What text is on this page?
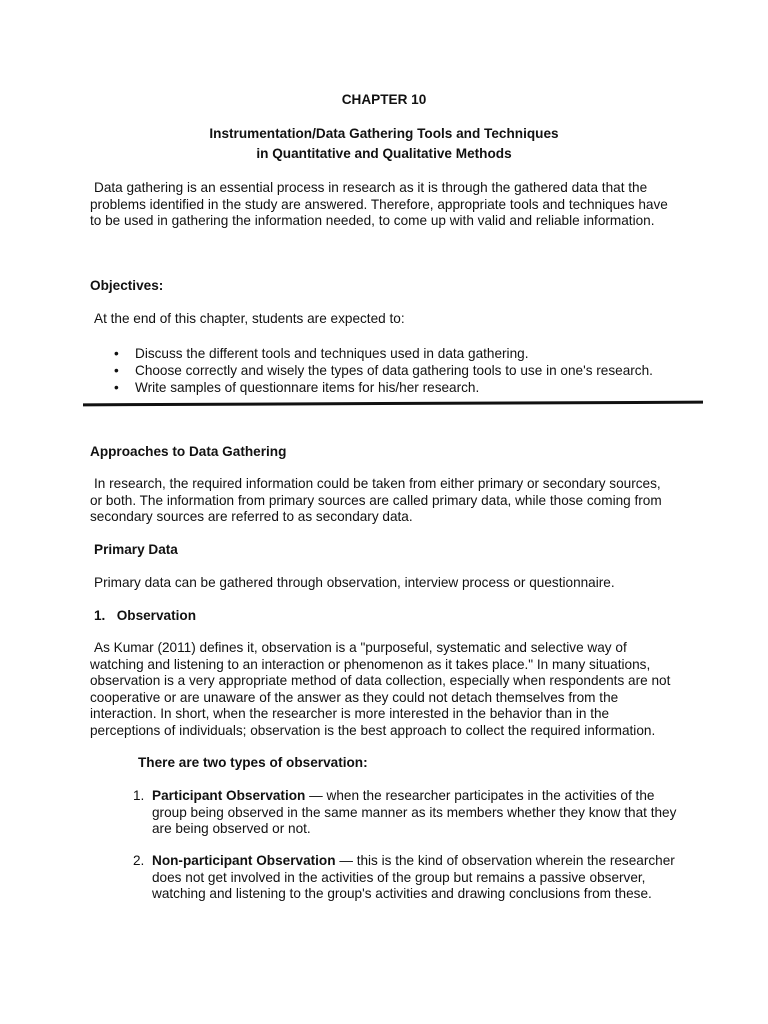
CHAPTER 10

Instrumentation/Data Gathering Tools and Techniques

in Quantitative and Qualitative Methods

Data gathering is an essential process in research as it is through the gathered data that the
problems identified in the study are answered. Therefore, appropriate tools and techniques have
to be used in gathering the information needed, to come up with valid and reliable information.

Objectives:

At the end of this chapter, students are expected to:

• Discuss the different tools and techniques used in data gathering.
• Choose correctly and wisely the types of data gathering tools to use in one's research.
• Write samples of questionnare items for his/her research.

Approaches to Data Gathering

In research, the required information could be taken from either primary or secondary sources,
or both. The information from primary sources are called primary data, while those coming from
secondary sources are referred to as secondary data.

Primary Data

Primary data can be gathered through observation, interview process or questionnaire.

1. Observation

As Kumar (2011) defines it, observation is a "purposeful, systematic and selective way of
watching and listening to an interaction or phenomenon as it takes place." In many situations,
observation is a very appropriate method of data collection, especially when respondents are not
cooperative or are unaware of the answer as they could not detach themselves from the
interaction. In short, when the researcher is more interested in the behavior than in the
perceptions of individuals; observation is the best approach to collect the required information.

There are two types of observation:

1. Participant Observation — when the researcher participates in the activities of the
group being observed in the same manner as its members whether they know that they
are being observed or not.
2. Non-participant Observation — this is the kind of observation wherein the researcher
does not get involved in the activities of the group but remains a passive observer,
watching and listening to the group's activities and drawing conclusions from these.
